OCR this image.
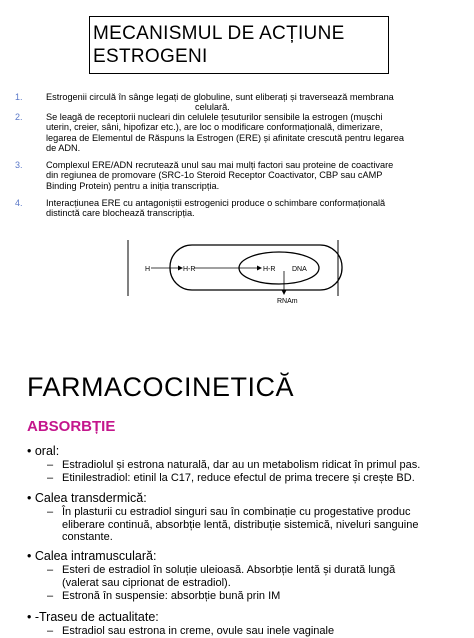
MECANISMUL DE ACȚIUNE
ESTROGENI
1.	Estrogenii circulă în sânge legați de globuline, sunt eliberați și traversează membrana
celulară.
2.	Se leagă de receptorii nucleari din celulele țesuturilor sensibile la estrogen (mușchi
uterin, creier, sâni, hipofizar etc.), are loc o modificare conformațională, dimerizare,
legarea de Elementul de Răspuns la Estrogen (ERE) și afinitate crescută pentru legarea
de ADN.
3.	Complexul ERE/ADN recrutează unul sau mai mulți factori sau proteine de coactivare
din regiunea de promovare (SRC-1o Steroid Receptor Coactivator, CBP sau cAMP
Binding Protein) pentru a iniția transcripția.
4.	Interacțiunea ERE cu antagoniștii estrogenici produce o schimbare conformațională
distinctă care blochează transcripția.
H	H-R	H-R DNA
RNAm
FARMACOCINETICĂ
ABSORBȚIE
• oral:
– Estradiolul și estrona naturală, dar au un metabolism ridicat în primul pas.
– Etinilestradiol: etinil la C17, reduce efectul de prima trecere și crește BD.
• Calea transdermică:
– În plasturii cu estradiol singuri sau în combinație cu progestative produc
eliberare continuă, absorbție lentă, distribuție sistemică, niveluri sanguine
constante.
• Calea intramusculară:
– Esteri de estradiol în soluție uleioasă. Absorbție lentă și durată lungă
(valerat sau ciprionat de estradiol).
– Estronă în suspensie: absorbție bună prin IM
• -Traseu de actualitate:
– Estradiol sau estrona in creme, ovule sau inele vaginale
